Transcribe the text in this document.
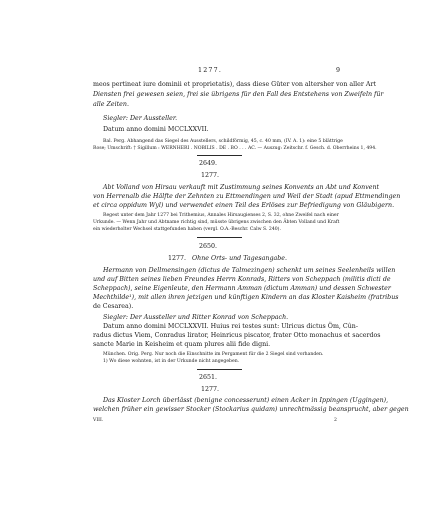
1277.	9
meos pertineat iure dominii et proprietatis), dass diese Güter von altersher von aller Art
Diensten frei gewesen seien, frei sie übrigens für den Fall des Entstehens von Zweifeln für
alle Zeiten.
Siegler: Der Aussteller.
Datum anno domini MCCLXXVII.
Bal. Perg. Abhangend das Siegel des Ausstellers, schildförmig, 45, c. 40 mm, (IV. A. 1): eine 5 blättrige
Rose; Umschrift: † Sigillum : WERNHERI . NOBILIS . DE . BO . . . AC. — Auszug: Zeitschr. f. Gesch. d. Oberrheins 1, 494.
2649.
1277.
Abt Volland von Hirsau verkauft mit Zustimmung seines Konvents an Abt und Konvent
von Herrenalb die Hälfte der Zehnten zu Ettmendingen und Weil der Stadt (apud Ettmendingen
et circa oppidum Wyl) und verwendet einen Teil des Erlöses zur Befriedigung von Gläubigern.
Regest unter dem Jahr 1277 bei Trithemius, Annales Hirsaugienses 2, S. 32, ohne Zweifel nach einer
Urkunde. — Wenn Jahr und Abtname richtig sind, müsste übrigens zwischen den Äbten Volland und Kraft
ein wiederholter Wechsel stattgefunden haben (vergl. O.A.-Beschr. Calw S. 240).
2650.
1277. Ohne Orts- und Tagesangabe.
Hermann von Dellmensingen (dictus de Talmezingen) schenkt um seines Seelenheils willen
und auf Bitten seines lieben Freundes Herrn Konrads, Ritters von Scheppach (militis dicti de
Scheppach), seine Eigenleute, den Hermann Amman (dictum Amman) und dessen Schwester
Mechthilde¹), mit allen ihren jetzigen und künftigen Kindern an das Kloster Kaisheim (fratribus
de Cesarea).
Siegler: Der Aussteller und Ritter Konrad von Scheppach.
Datum anno domini MCCLXXVII. Huius rei testes sunt: Ulricus dictus Öm, Cûn-
radus dictus Viem, Conradus lirator, Heinricus piscator, frater Otto monachus et sacerdos
sancte Marie in Keisheim et quam plures alii fide digni.
München. Orig. Perg. Nur noch die Einschnitte im Pergament für die 2 Siegel sind vorhanden.
1) Wo diese wohnten, ist in der Urkunde nicht angegeben.
2651.
1277.
Das Kloster Lorch überlässt (benigne concesserunt) einen Acker in Ippingen (Uggingen),
welchen früher ein gewisser Stocker (Stockarius quidam) unrechtmässig beansprucht, aber gegen
VIII.	2
